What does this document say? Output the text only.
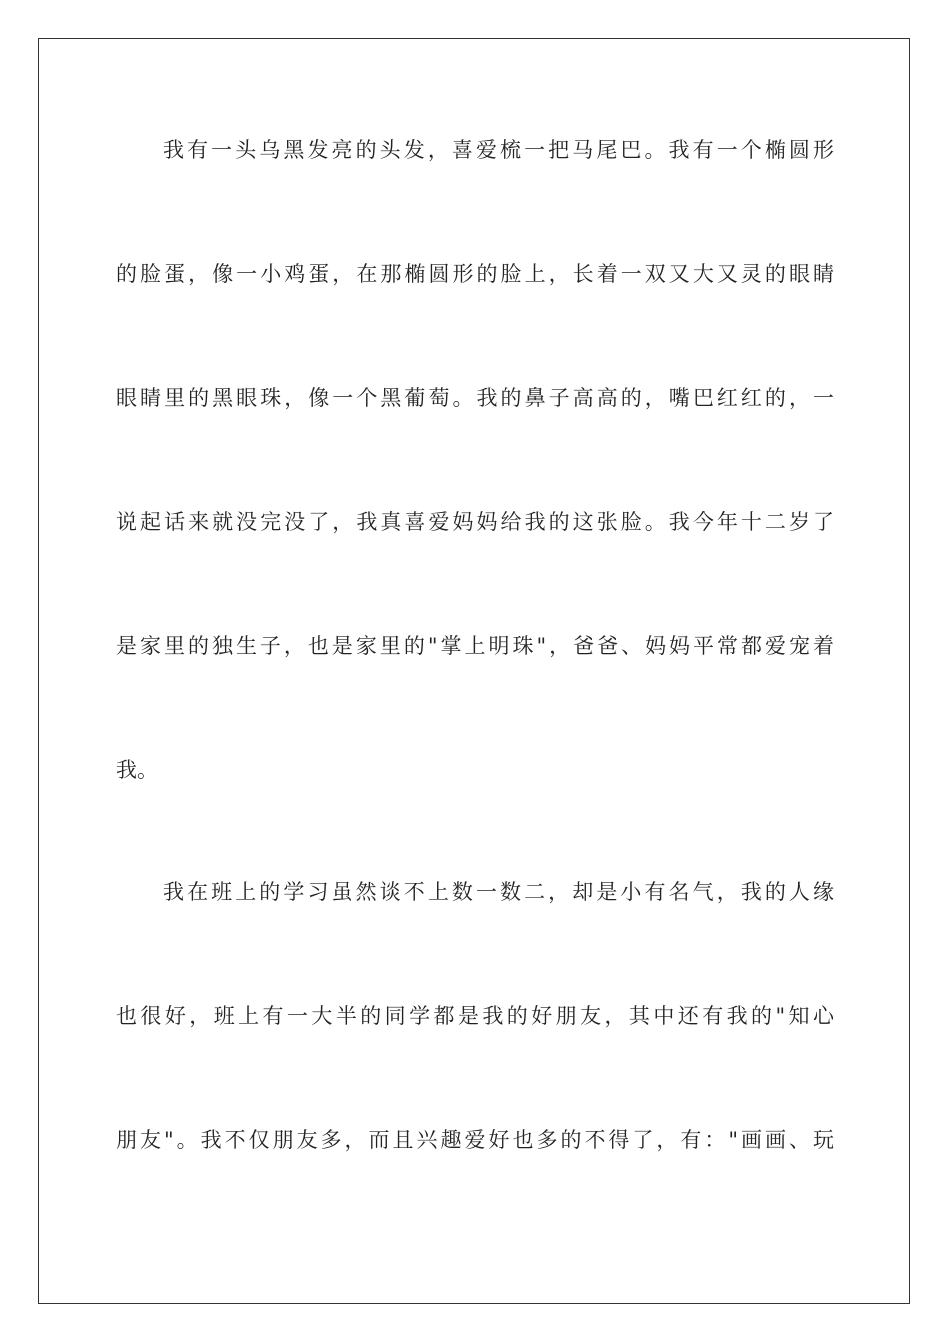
我有一头乌黑发亮的头发，喜爱梳一把马尾巴。我有一个椭圆形
的脸蛋，像一小鸡蛋，在那椭圆形的脸上，长着一双又大又灵的眼睛
眼睛里的黑眼珠，像一个黑葡萄。我的鼻子高高的，嘴巴红红的，一
说起话来就没完没了，我真喜爱妈妈给我的这张脸。我今年十二岁了
是家里的独生子，也是家里的"掌上明珠"，爸爸、妈妈平常都爱宠着
我。
我在班上的学习虽然谈不上数一数二，却是小有名气，我的人缘
也很好，班上有一大半的同学都是我的好朋友，其中还有我的"知心
朋友"。我不仅朋友多，而且兴趣爱好也多的不得了，有："画画、玩
